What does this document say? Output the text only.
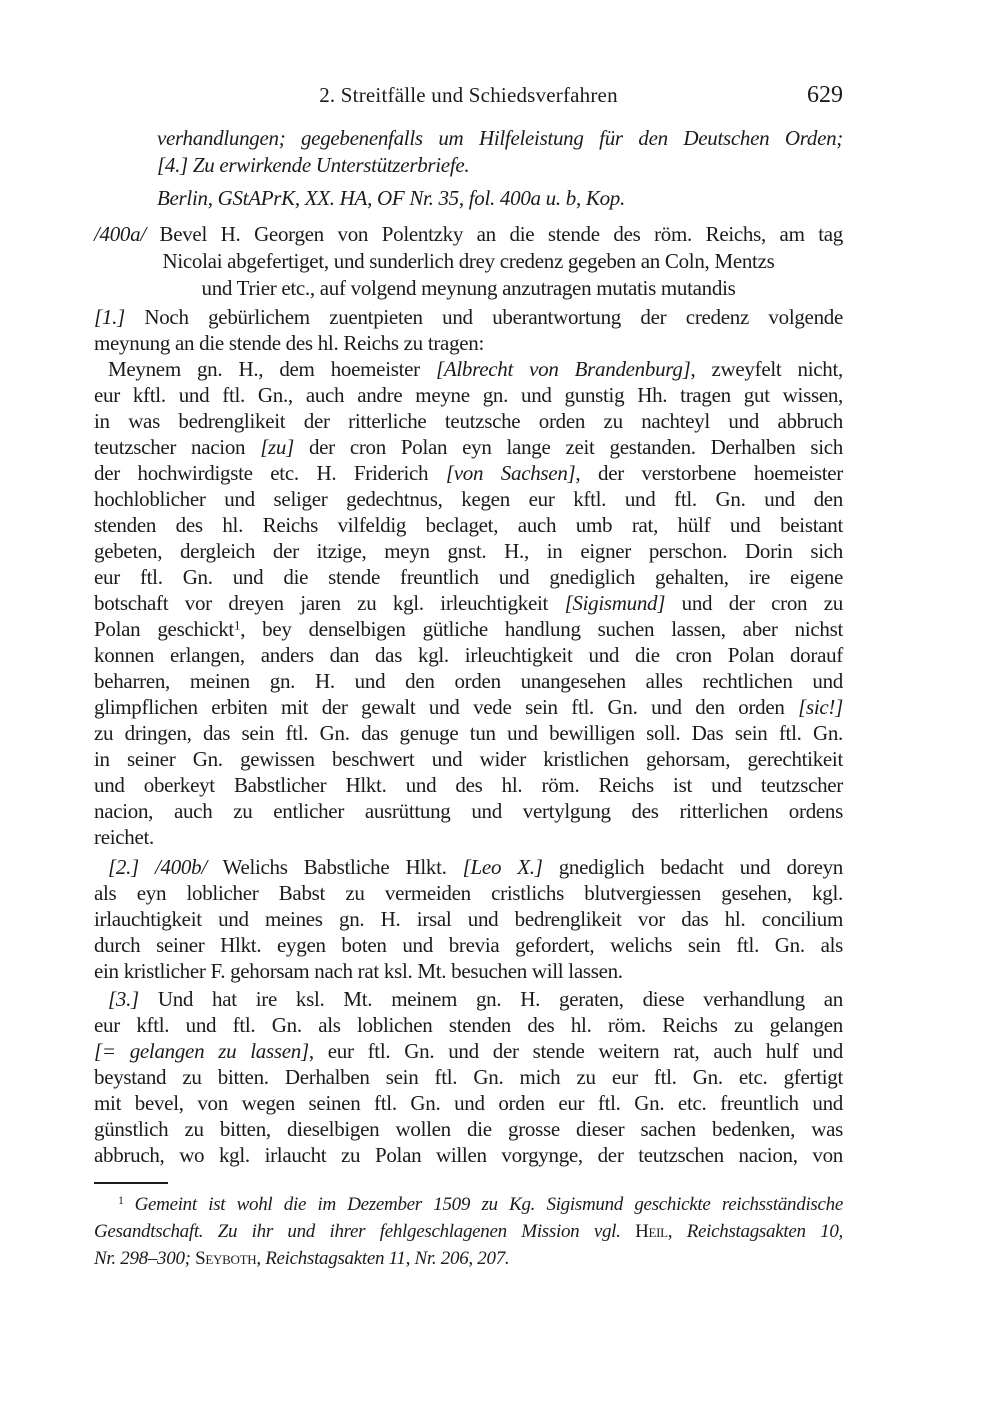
2. Streitfälle und Schiedsverfahren	629
verhandlungen; gegebenenfalls um Hilfeleistung für den Deutschen Orden;
[4.] Zu erwirkende Unterstützerbriefe.
Berlin, GStAPrK, XX. HA, OF Nr. 35, fol. 400a u. b, Kop.
/400a/ Bevel H. Georgen von Polentzky an die stende des röm. Reichs, am tag
Nicolai abgefertiget, und sunderlich drey credenz gegeben an Coln, Mentzs
und Trier etc., auf volgend meynung anzutragen mutatis mutandis
[1.] Noch gebürlichem zuentpieten und uberantwortung der credenz volgende
meynung an die stende des hl. Reichs zu tragen:
Meynem gn. H., dem hoemeister [Albrecht von Brandenburg], zweyfelt nicht,
eur kftl. und ftl. Gn., auch andre meyne gn. und gunstig Hh. tragen gut wissen,
in was bedrenglikeit der ritterliche teutzsche orden zu nachteyl und abbruch
teutzscher nacion [zu] der cron Polan eyn lange zeit gestanden. Derhalben sich
der hochwirdigste etc. H. Friderich [von Sachsen], der verstorbene hoemeister
hochloblicher und seliger gedechtnus, kegen eur kftl. und ftl. Gn. und den
stenden des hl. Reichs vilfeldig beclaget, auch umb rat, hülf und beistant
gebeten, dergleich der itzige, meyn gnst. H., in eigner perschon. Dorin sich
eur ftl. Gn. und die stende freuntlich und gnediglich gehalten, ire eigene
botschaft vor dreyen jaren zu kgl. irleuchtigkeit [Sigismund] und der cron zu
Polan geschickt$^1$, bey denselbigen gütliche handlung suchen lassen, aber nichst
konnen erlangen, anders dan das kgl. irleuchtigkeit und die cron Polan dorauf
beharren, meinen gn. H. und den orden unangesehen alles rechtlichen und
glimpflichen erbiten mit der gewalt und vede sein ftl. Gn. und den orden [sic!]
zu dringen, das sein ftl. Gn. das genuge tun und bewilligen soll. Das sein ftl. Gn.
in seiner Gn. gewissen beschwert und wider kristlichen gehorsam, gerechtikeit
und oberkeyt Babstlicher Hlkt. und des hl. röm. Reichs ist und teutzscher
nacion, auch zu entlicher ausrüttung und vertylgung des ritterlichen ordens
reichet.
[2.] /400b/ Welichs Babstliche Hlkt. [Leo X.] gnediglich bedacht und doreyn
als eyn loblicher Babst zu vermeiden cristlichs blutvergiessen gesehen, kgl.
irlauchtigkeit und meines gn. H. irsal und bedrenglikeit vor das hl. concilium
durch seiner Hlkt. eygen boten und brevia gefordert, welichs sein ftl. Gn. als
ein kristlicher F. gehorsam nach rat ksl. Mt. besuchen will lassen.
[3.] Und hat ire ksl. Mt. meinem gn. H. geraten, diese verhandlung an
eur kftl. und ftl. Gn. als loblichen stenden des hl. röm. Reichs zu gelangen
[= gelangen zu lassen], eur ftl. Gn. und der stende weitern rat, auch hulf und
beystand zu bitten. Derhalben sein ftl. Gn. mich zu eur ftl. Gn. etc. gfertigt
mit bevel, von wegen seinen ftl. Gn. und orden eur ftl. Gn. etc. freuntlich und
günstlich zu bitten, dieselbigen wollen die grosse dieser sachen bedenken, was
abbruch, wo kgl. irlaucht zu Polan willen vorgynge, der teutzschen nacion, von
$^1$ Gemeint ist wohl die im Dezember 1509 zu Kg. Sigismund geschickte reichsständische
Gesandtschaft. Zu ihr und ihrer fehlgeschlagenen Mission vgl. Heil, Reichstagsakten 10,
Nr. 298–300; Seyboth, Reichstagsakten 11, Nr. 206, 207.
